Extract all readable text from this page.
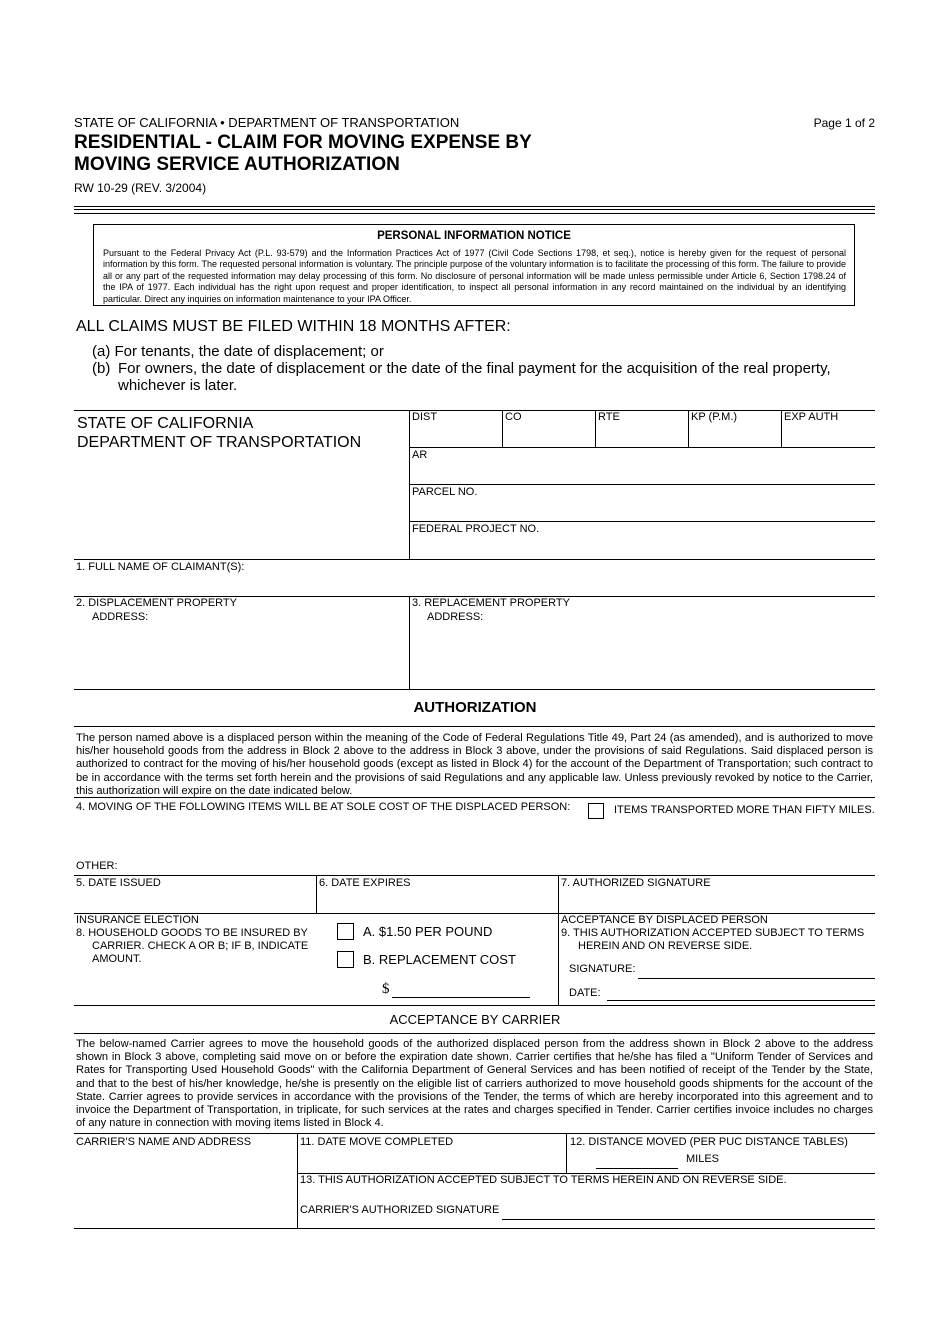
STATE OF CALIFORNIA • DEPARTMENT OF TRANSPORTATION
RESIDENTIAL - CLAIM FOR MOVING EXPENSE BY
MOVING SERVICE AUTHORIZATION
RW 10-29 (REV. 3/2004)
Page 1 of 2
PERSONAL INFORMATION NOTICE
Pursuant to the Federal Privacy Act (P.L. 93-579) and the Information Practices Act of 1977 (Civil Code Sections 1798, et seq.), notice is hereby given for the request of personal information by this form. The requested personal information is voluntary. The principle purpose of the voluntary information is to facilitate the processing of this form. The failure to provide all or any part of the requested information may delay processing of this form. No disclosure of personal information will be made unless permissible under Article 6, Section 1798.24 of the IPA of 1977. Each individual has the right upon request and proper identification, to inspect all personal information in any record maintained on the individual by an identifying particular. Direct any inquiries on information maintenance to your IPA Officer.
ALL CLAIMS MUST BE FILED WITHIN 18 MONTHS AFTER:
(a) For tenants, the date of displacement; or
(b) For owners, the date of displacement or the date of the final payment for the acquisition of the real property, whichever is later.
STATE OF CALIFORNIA
DEPARTMENT OF TRANSPORTATION
DIST	CO	RTE	KP (P.M.)	EXP AUTH
AR
PARCEL NO.
FEDERAL PROJECT NO.
1. FULL NAME OF CLAIMANT(S):
2. DISPLACEMENT PROPERTY
ADDRESS:
3. REPLACEMENT PROPERTY
ADDRESS:
AUTHORIZATION
The person named above is a displaced person within the meaning of the Code of Federal Regulations Title 49, Part 24 (as amended), and is authorized to move his/her household goods from the address in Block 2 above to the address in Block 3 above, under the provisions of said Regulations. Said displaced person is authorized to contract for the moving of his/her household goods (except as listed in Block 4) for the account of the Department of Transportation; such contract to be in accordance with the terms set forth herein and the provisions of said Regulations and any applicable law. Unless previously revoked by notice to the Carrier, this authorization will expire on the date indicated below.
4. MOVING OF THE FOLLOWING ITEMS WILL BE AT SOLE COST OF THE DISPLACED PERSON:	ITEMS TRANSPORTED MORE THAN FIFTY MILES.
OTHER:
5. DATE ISSUED	6. DATE EXPIRES	7. AUTHORIZED SIGNATURE
INSURANCE ELECTION
8. HOUSEHOLD GOODS TO BE INSURED BY
CARRIER. CHECK A OR B; IF B, INDICATE
AMOUNT.
A. $1.50 PER POUND
B. REPLACEMENT COST
$
ACCEPTANCE BY DISPLACED PERSON
9. THIS AUTHORIZATION ACCEPTED SUBJECT TO TERMS
HEREIN AND ON REVERSE SIDE.
SIGNATURE:
DATE:
ACCEPTANCE BY CARRIER
The below-named Carrier agrees to move the household goods of the authorized displaced person from the address shown in Block 2 above to the address shown in Block 3 above, completing said move on or before the expiration date shown. Carrier certifies that he/she has filed a "Uniform Tender of Services and Rates for Transporting Used Household Goods" with the California Department of General Services and has been notified of receipt of the Tender by the State, and that to the best of his/her knowledge, he/she is presently on the eligible list of carriers authorized to move household goods shipments for the account of the State. Carrier agrees to provide services in accordance with the provisions of the Tender, the terms of which are hereby incorporated into this agreement and to invoice the Department of Transportation, in triplicate, for such services at the rates and charges specified in Tender. Carrier certifies invoice includes no charges of any nature in connection with moving items listed in Block 4.
CARRIER'S NAME AND ADDRESS	11. DATE MOVE COMPLETED	12. DISTANCE MOVED (PER PUC DISTANCE TABLES)
MILES
13. THIS AUTHORIZATION ACCEPTED SUBJECT TO TERMS HEREIN AND ON REVERSE SIDE.
CARRIER'S AUTHORIZED SIGNATURE
